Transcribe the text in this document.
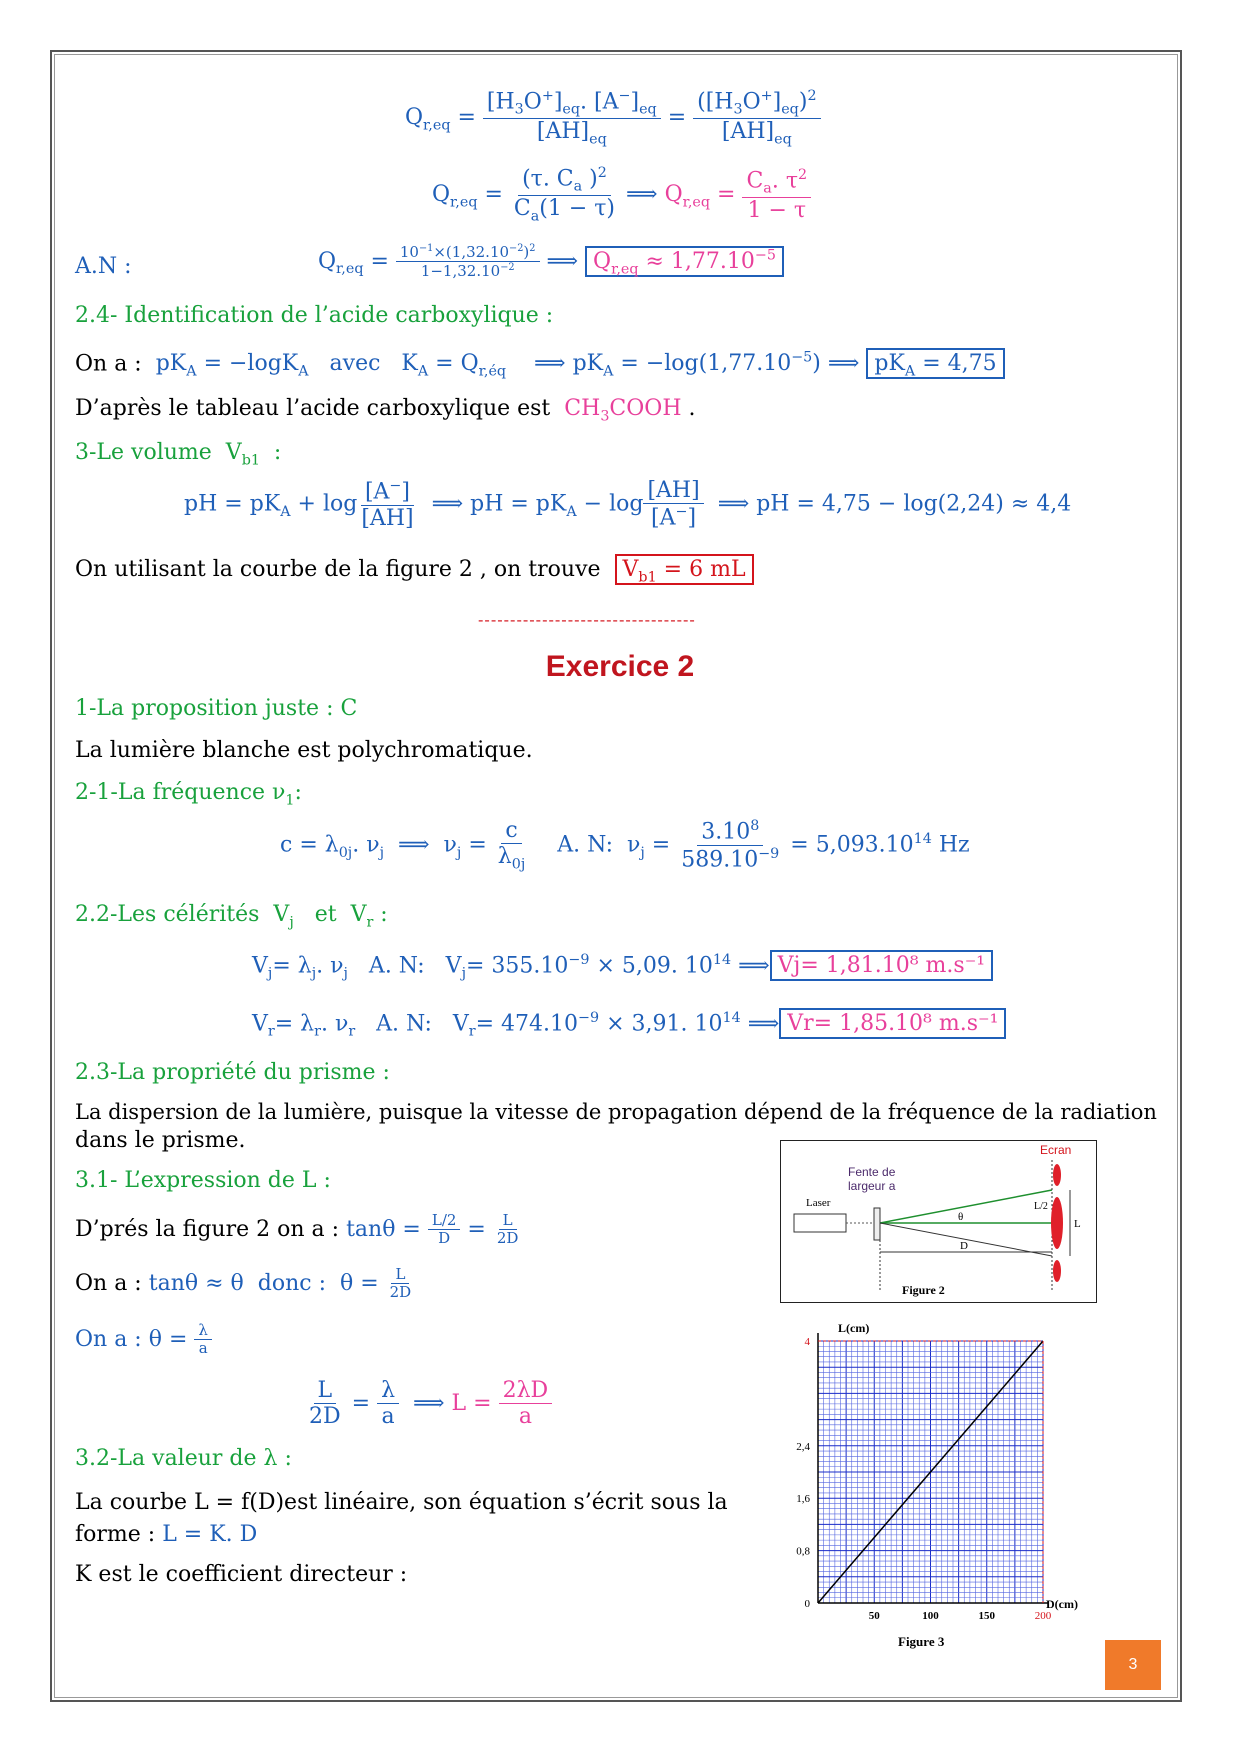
$Q_{r,eq} = \frac{[H_3O^+]_{eq}. [A^-]_{eq}}{[AH]_{eq}} = \frac{([H_3O^+]_{eq})^2}{[AH]_{eq}}$
$Q_{r,eq} = \frac{(\tau. C_a )^2}{C_a(1 - \tau)}$ ⟹ $Q_{r,eq} = \frac{C_a. \tau^2}{1 - \tau}$
A.N :	$Q_{r,eq} = \frac{10^{-1}\times(1,32.10^{-2})^2}{1-1,32.10^{-2}}$ ⟹ $Q_{r,eq} \approx 1,77.10^{-5}$
2.4- Identification de l’acide carboxylique :
On a :  $pK_A = -\log K_A$   avec   $K_A = Q_{r,éq}$    ⟹ $pK_A = -\log(1,77.10^{-5})$ ⟹ $pK_A = 4,75$
D’après le tableau l’acide carboxylique est $CH_3COOH$ .
3-Le volume  $V_{b1}$  :
pH = $pK_A + \log \frac{[A^-]}{[AH]}$ ⟹ pH = $pK_A - \log \frac{[AH]}{[A^-]}$ ⟹ pH = 4,75 − log(2,24) ≈ 4,4
On utilisant la courbe de la figure 2 , on trouve $V_{b1} = 6$ mL
----------------------------------
Exercice 2
1-La proposition juste : C
La lumière blanche est polychromatique.
2-1-La fréquence $\nu_1$:
$c = \lambda_{0j}$. $\nu_j$  ⟹  $\nu_j = \frac{c}{\lambda_{0j}} A$. N:  $\nu_j = \frac{3.10^8}{589.10^{-9}} = 5,093.10^{14}$ Hz
2.2-Les célérités  $V_j$   et  $V_r$ :
$V_j= \lambda_j$. $\nu_j$   A. N:   $V_j= 355.10^{-9} \times 5,09$. $10^{14}$ ⟹ Vj= 1,81.10⁸ m.s⁻¹
$V_r= \lambda_r$. $\nu_r$   A. N:   $V_r= 474.10^{-9} \times 3,91$. $10^{14}$ ⟹ Vr= 1,85.10⁸ m.s⁻¹
2.3-La propriété du prisme :
La dispersion de la lumière, puisque la vitesse de propagation dépend de la fréquence de la radiation
dans le prisme.
3.1- L’expression de L :
D’prés la figure 2 on a : $\tan\theta = \frac{L/2}{D} = \frac{L}{2D}$
On a : tanθ ≈ θ  donc :  $\theta = \frac{L}{2D}$
On a : $\theta = \frac{\lambda}{a}$
$\frac{L}{2D} = \frac{\lambda}{a}$ ⟹ $L = \frac{2\lambda D}{a}$
3.2-La valeur de λ :
La courbe L = f(D)est linéaire, son équation s’écrit sous la
forme : L = K. D
K est le coefficient directeur :
Ecran
Fente de
largeur a
Laser
θ
L/2
L
D
Figure 2
4
2,4
1,6
0,8
0
50	100	150	200
L(cm)
D(cm)
Figure 3
3
